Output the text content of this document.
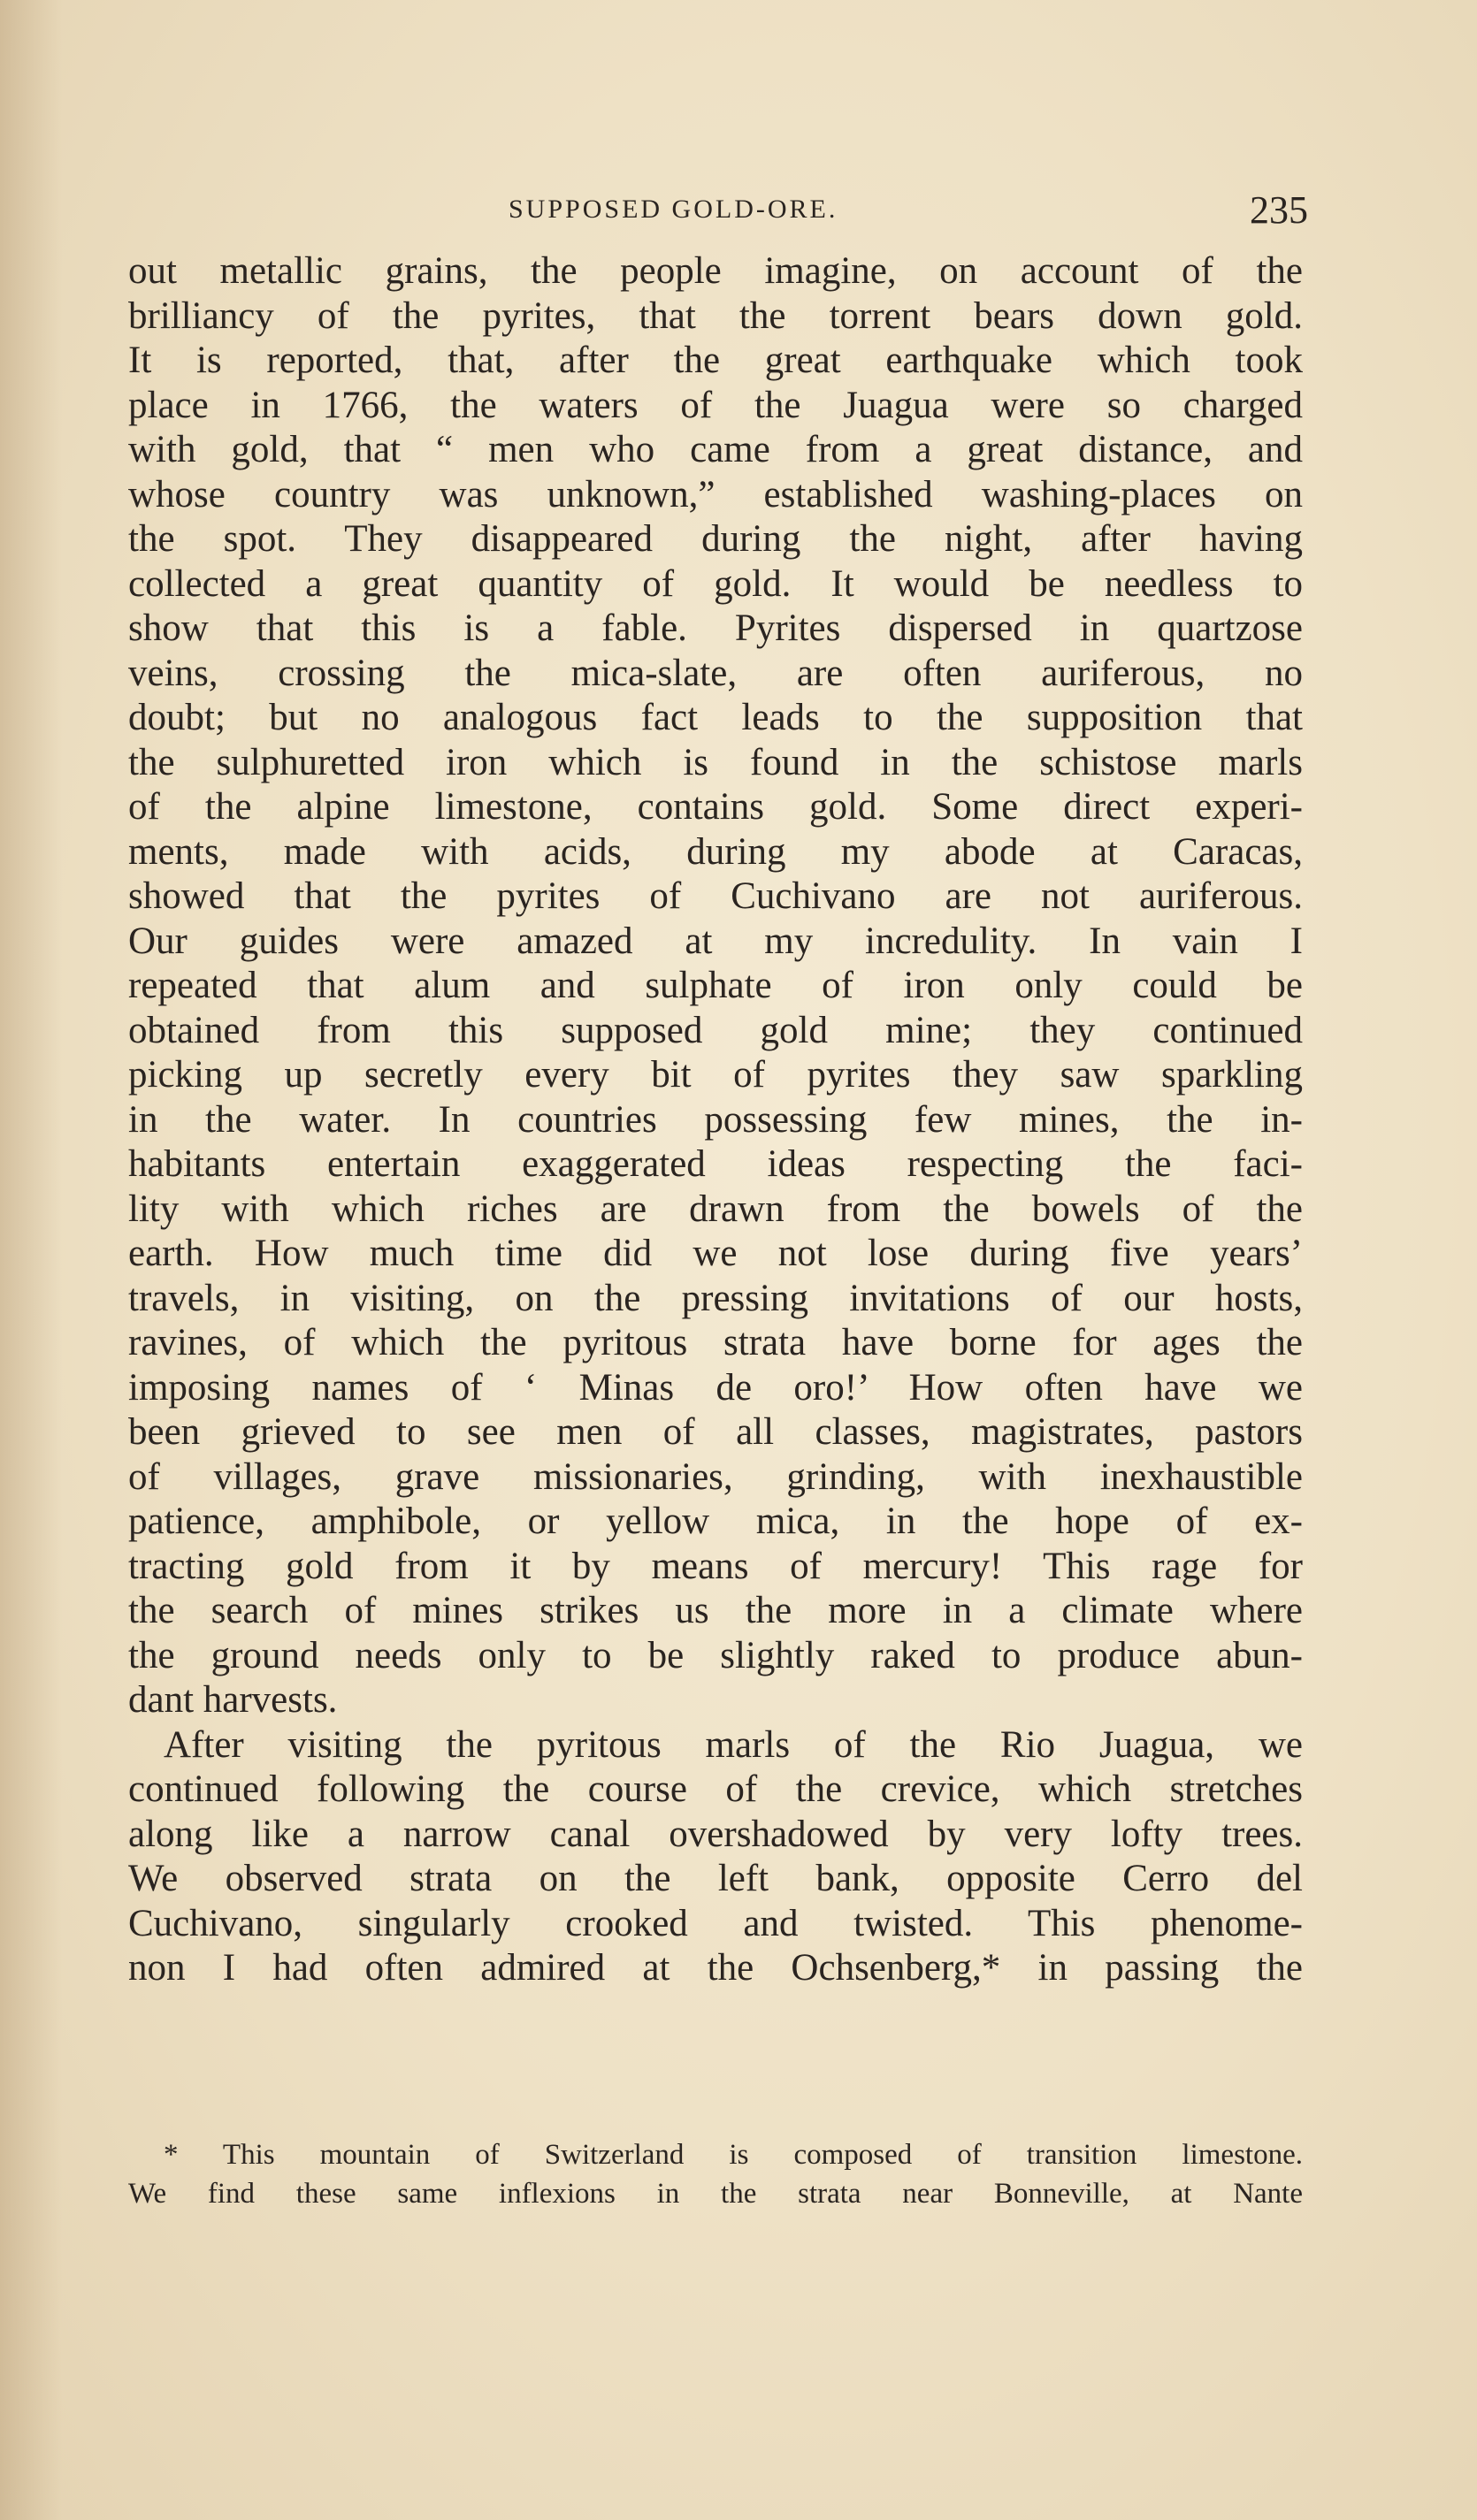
SUPPOSED GOLD-ORE.	235
out metallic grains, the people imagine, on account of the
brilliancy of the pyrites, that the torrent bears down gold.
It is reported, that, after the great earthquake which took
place in 1766, the waters of the Juagua were so charged
with gold, that “ men who came from a great distance, and
whose country was unknown,” established washing-places on
the spot. They disappeared during the night, after having
collected a great quantity of gold. It would be needless to
show that this is a fable. Pyrites dispersed in quartzose
veins, crossing the mica-slate, are often auriferous, no
doubt; but no analogous fact leads to the supposition that
the sulphuretted iron which is found in the schistose marls
of the alpine limestone, contains gold. Some direct experi-
ments, made with acids, during my abode at Caracas,
showed that the pyrites of Cuchivano are not auriferous.
Our guides were amazed at my incredulity. In vain I
repeated that alum and sulphate of iron only could be
obtained from this supposed gold mine; they continued
picking up secretly every bit of pyrites they saw sparkling
in the water. In countries possessing few mines, the in-
habitants entertain exaggerated ideas respecting the faci-
lity with which riches are drawn from the bowels of the
earth. How much time did we not lose during five years’
travels, in visiting, on the pressing invitations of our hosts,
ravines, of which the pyritous strata have borne for ages the
imposing names of ‘ Minas de oro!’ How often have we
been grieved to see men of all classes, magistrates, pastors
of villages, grave missionaries, grinding, with inexhaustible
patience, amphibole, or yellow mica, in the hope of ex-
tracting gold from it by means of mercury! This rage for
the search of mines strikes us the more in a climate where
the ground needs only to be slightly raked to produce abun-
dant harvests.
After visiting the pyritous marls of the Rio Juagua, we
continued following the course of the crevice, which stretches
along like a narrow canal overshadowed by very lofty trees.
We observed strata on the left bank, opposite Cerro del
Cuchivano, singularly crooked and twisted. This phenome-
non I had often admired at the Ochsenberg,* in passing the
* This mountain of Switzerland is composed of transition limestone.
We find these same inflexions in the strata near Bonneville, at Nante
